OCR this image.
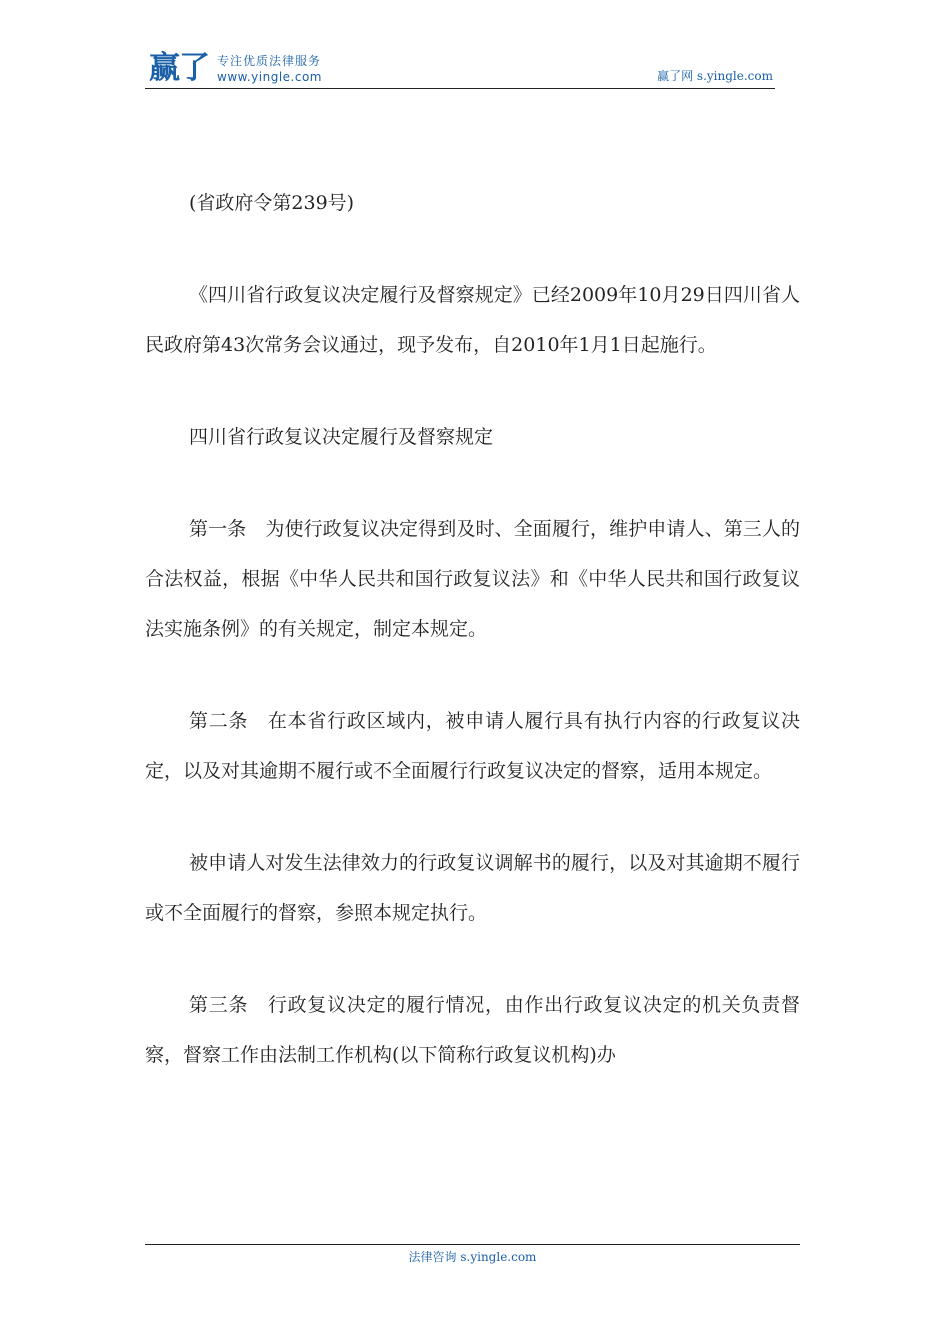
赢了 专注优质法律服务
www.yingle.com	赢了网 s.yingle.com

(省政府令第239号)

《四川省行政复议决定履行及督察规定》已经2009年10月29日四川省人民政府第43次常务会议通过，现予发布，自2010年1月1日起施行。

四川省行政复议决定履行及督察规定

第一条　为使行政复议决定得到及时、全面履行，维护申请人、第三人的合法权益，根据《中华人民共和国行政复议法》和《中华人民共和国行政复议法实施条例》的有关规定，制定本规定。

第二条　在本省行政区域内，被申请人履行具有执行内容的行政复议决定，以及对其逾期不履行或不全面履行行政复议决定的督察，适用本规定。

被申请人对发生法律效力的行政复议调解书的履行，以及对其逾期不履行或不全面履行的督察，参照本规定执行。

第三条　行政复议决定的履行情况，由作出行政复议决定的机关负责督察，督察工作由法制工作机构(以下简称行政复议机构)办

法律咨询 s.yingle.com
